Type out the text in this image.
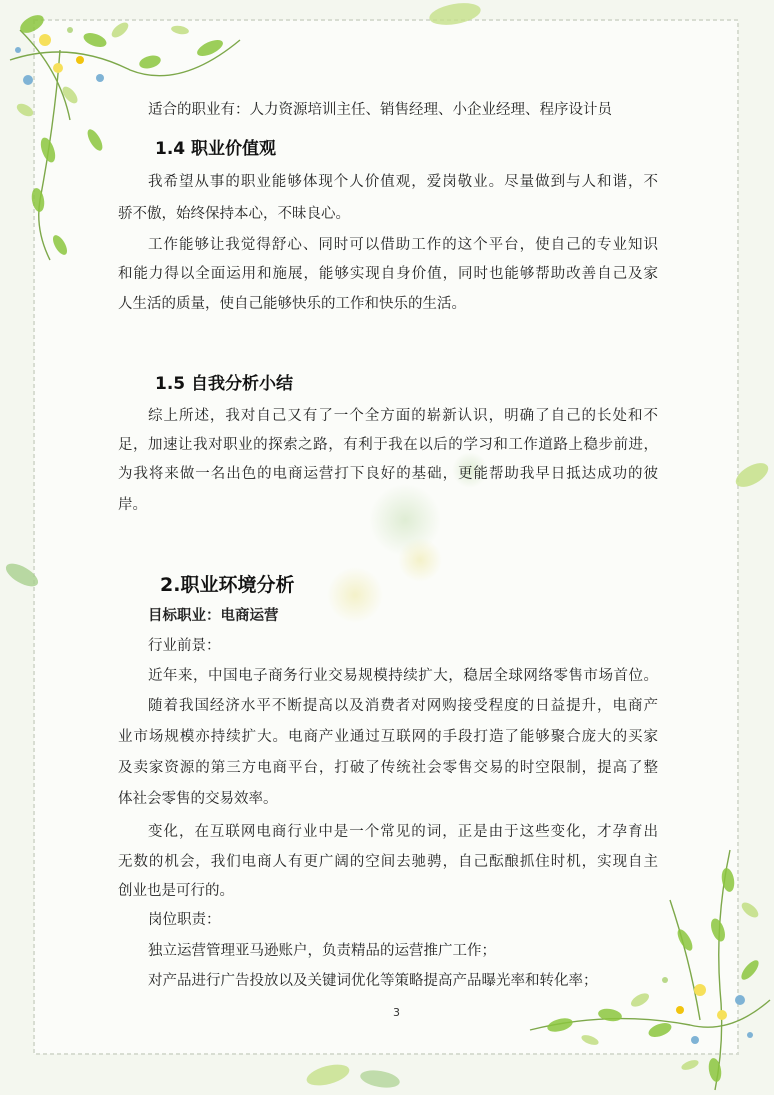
适合的职业有：人力资源培训主任、销售经理、小企业经理、程序设计员
1.4 职业价值观
我希望从事的职业能够体现个人价值观，爱岗敬业。尽量做到与人和谐，不
骄不傲，始终保持本心，不昧良心。
工作能够让我觉得舒心、同时可以借助工作的这个平台，使自己的专业知识
和能力得以全面运用和施展，能够实现自身价值，同时也能够帮助改善自己及家
人生活的质量，使自己能够快乐的工作和快乐的生活。
1.5 自我分析小结
综上所述，我对自己又有了一个全方面的崭新认识，明确了自己的长处和不
足，加速让我对职业的探索之路，有利于我在以后的学习和工作道路上稳步前进，
为我将来做一名出色的电商运营打下良好的基础，更能帮助我早日抵达成功的彼
岸。
2.职业环境分析
目标职业：电商运营
行业前景：
近年来，中国电子商务行业交易规模持续扩大，稳居全球网络零售市场首位。
随着我国经济水平不断提高以及消费者对网购接受程度的日益提升，电商产
业市场规模亦持续扩大。电商产业通过互联网的手段打造了能够聚合庞大的买家
及卖家资源的第三方电商平台，打破了传统社会零售交易的时空限制，提高了整
体社会零售的交易效率。
变化，在互联网电商行业中是一个常见的词，正是由于这些变化，才孕育出
无数的机会，我们电商人有更广阔的空间去驰骋，自己酝酿抓住时机，实现自主
创业也是可行的。
岗位职责：
独立运营管理亚马逊账户，负责精品的运营推广工作；
对产品进行广告投放以及关键词优化等策略提高产品曝光率和转化率；
3
